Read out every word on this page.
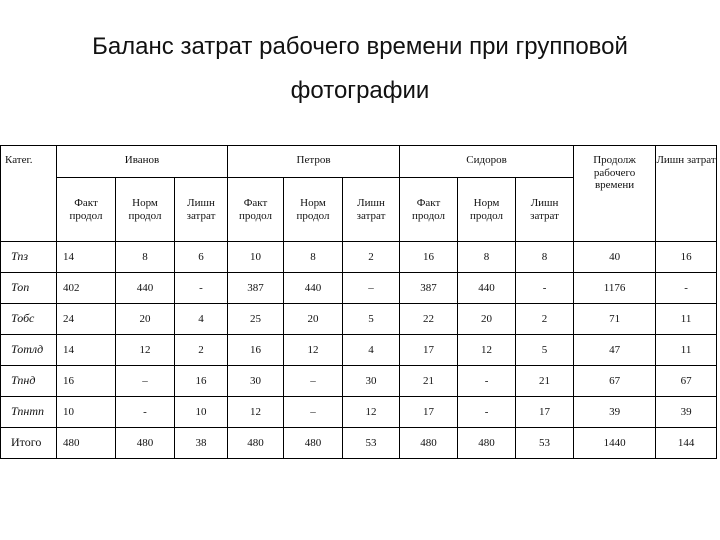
Баланс затрат рабочего времени при групповой
фотографии
Катег.	Иванов			Петров			Сидоров			Продолж рабочего времени	Лишн затрат
	Факт продол	Норм продол	Лишн затрат	Факт продол	Норм продол	Лишн затрат	Факт продол	Норм продол	Лишн затрат		
Тпз	14	8	6	10	8	2	16	8	8	40	16
Топ	402	440	-	387	440	–	387	440	-	1176	-
Тобс	24	20	4	25	20	5	22	20	2	71	11
Тотлд	14	12	2	16	12	4	17	12	5	47	11
Тпнд	16	–	16	30	–	30	21	-	21	67	67
Тпнтп	10	-	10	12	–	12	17	-	17	39	39
Итого	480	480	38	480	480	53	480	480	53	1440	144
